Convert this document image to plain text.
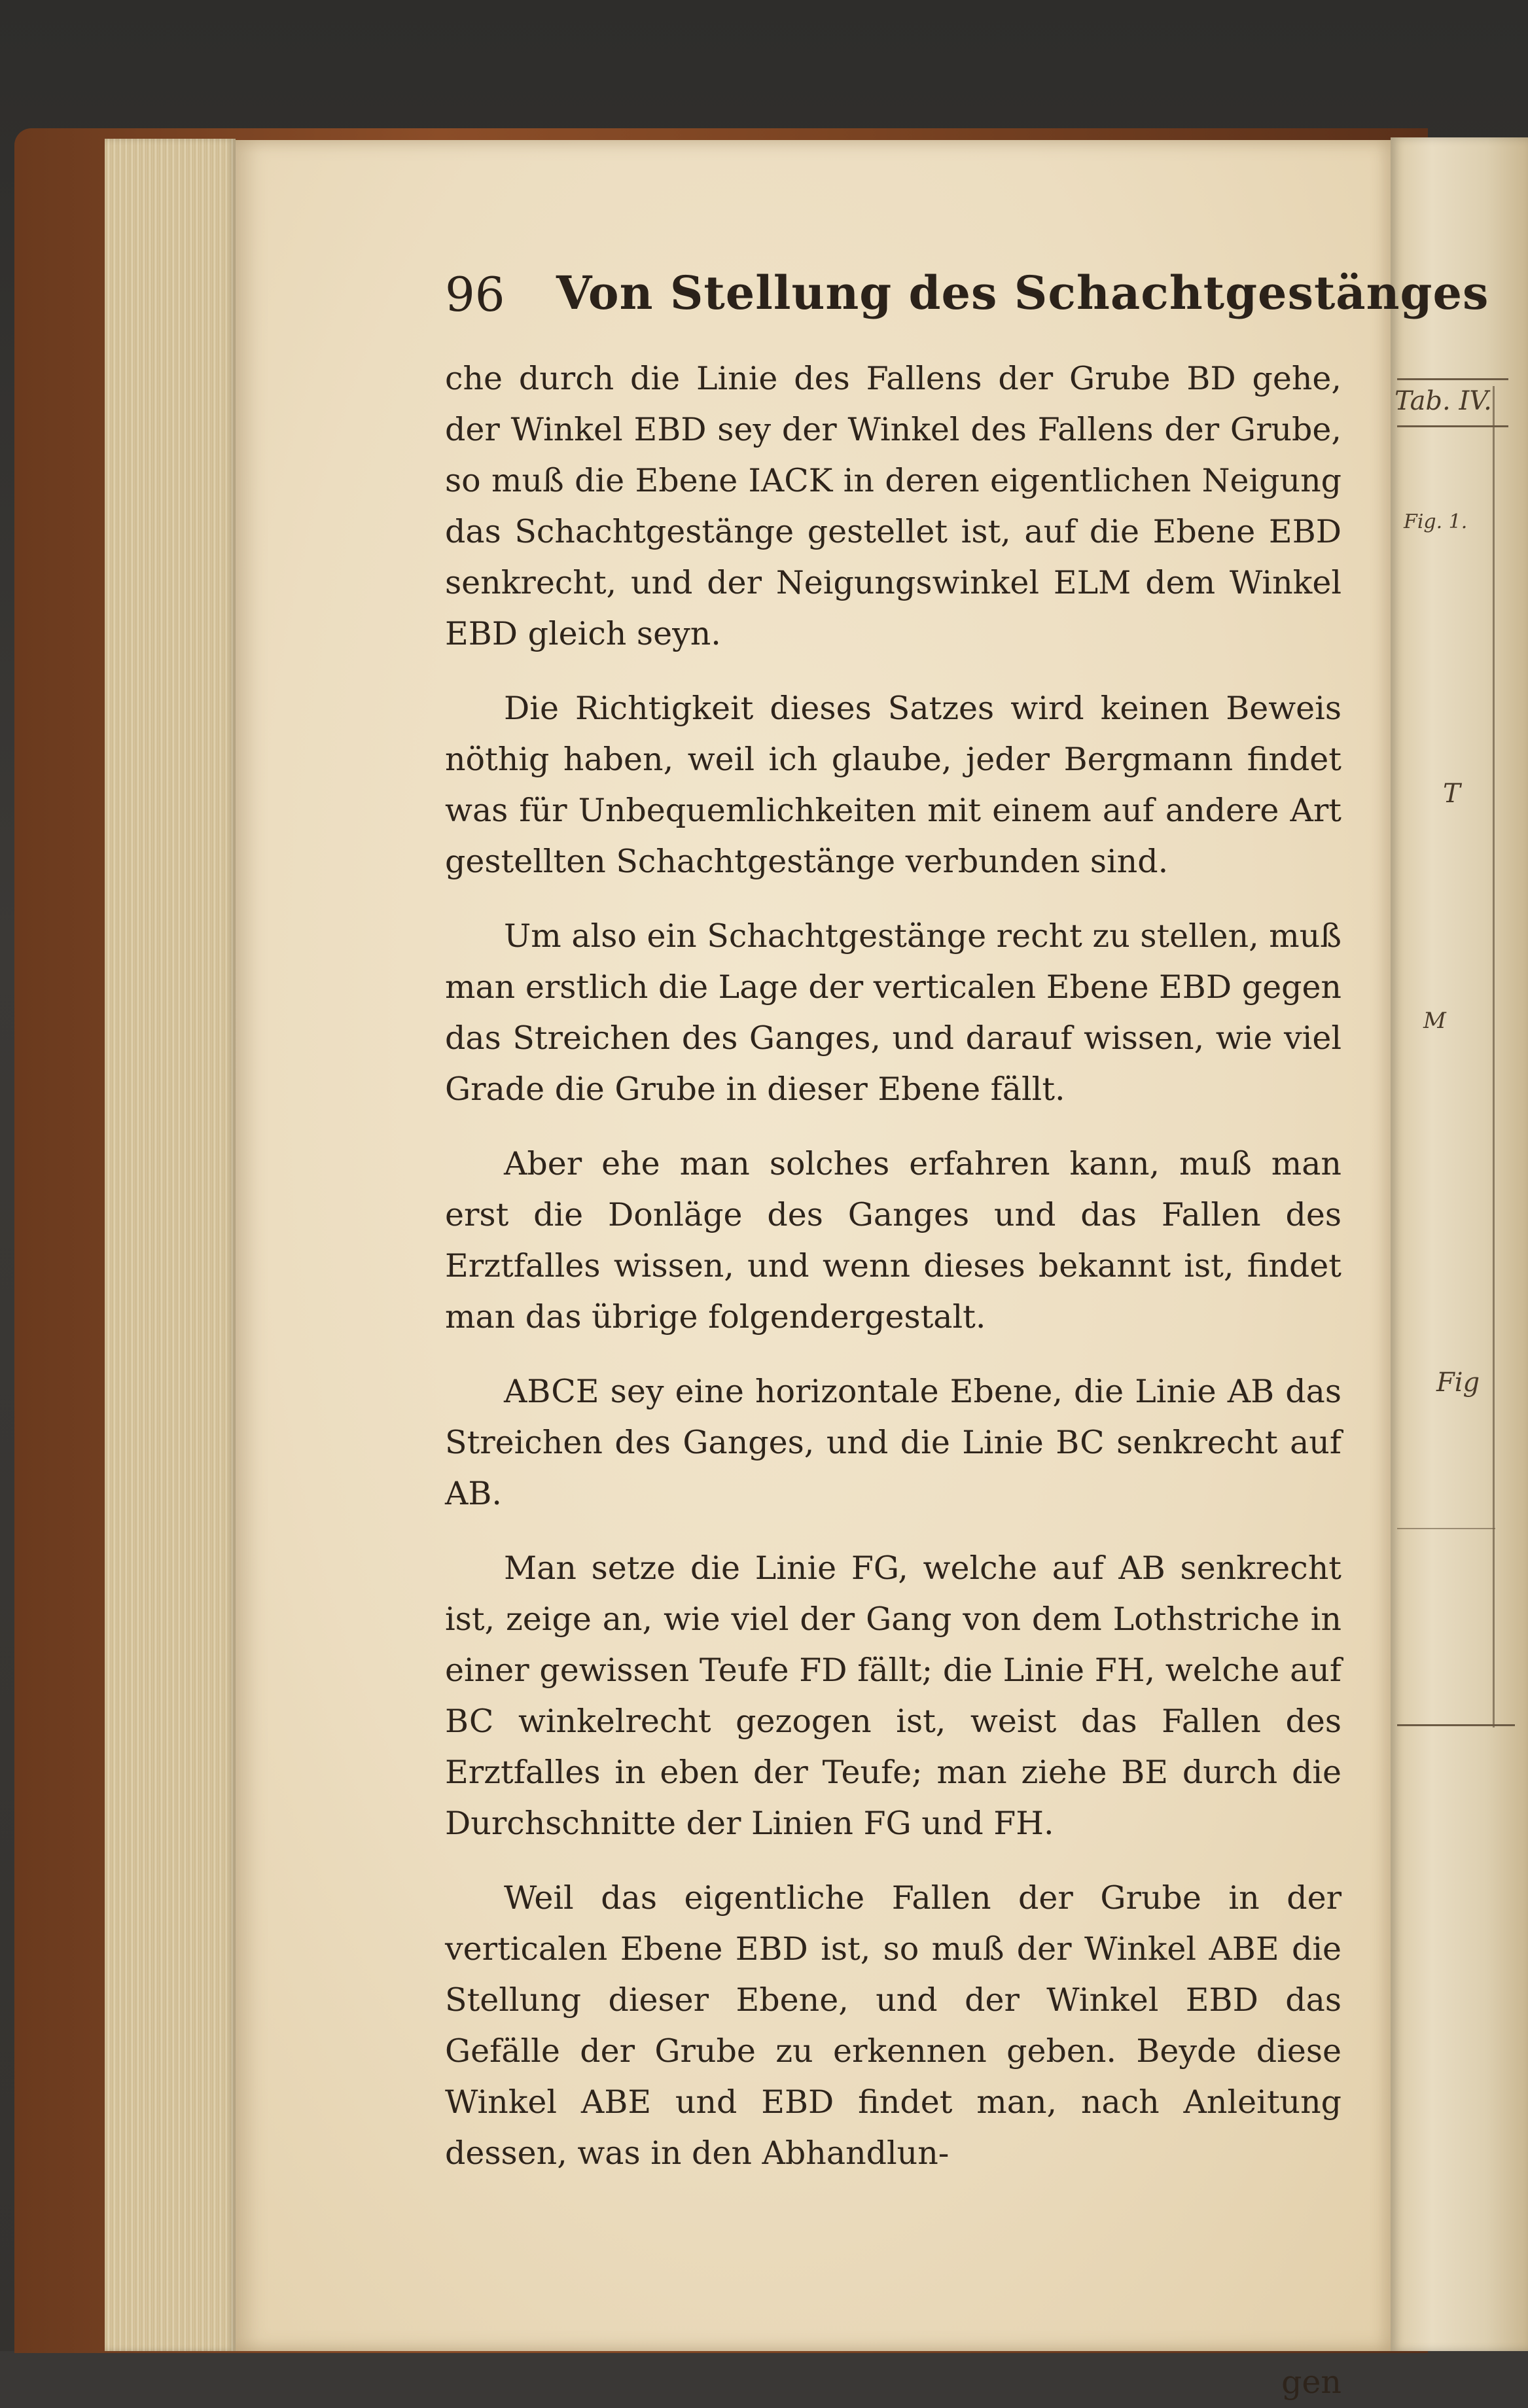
Tab. IV.
Fig. 1.
T
M
Fig
96 Von Stellung des Schachtgestänges

che durch die Linie des Fallens der Grube BD gehe, der Winkel EBD sey der Winkel des Fallens der Grube, so muß die Ebene IACK in deren eigentlichen Neigung das Schachtgestänge gestellet ist, auf die Ebene EBD senkrecht, und der Neigungswinkel ELM dem Winkel EBD gleich seyn.

Die Richtigkeit dieses Satzes wird keinen Beweis nöthig haben, weil ich glaube, jeder Bergmann findet was für Unbequemlichkeiten mit einem auf andere Art gestellten Schachtgestänge verbunden sind.

Um also ein Schachtgestänge recht zu stellen, muß man erstlich die Lage der verticalen Ebene EBD gegen das Streichen des Ganges, und darauf wissen, wie viel Grade die Grube in dieser Ebene fällt.

Aber ehe man solches erfahren kann, muß man erst die Donläge des Ganges und das Fallen des Erztfalles wissen, und wenn dieses bekannt ist, findet man das übrige folgendergestalt.

ABCE sey eine horizontale Ebene, die Linie AB das Streichen des Ganges, und die Linie BC senkrecht auf AB.

Man setze die Linie FG, welche auf AB senkrecht ist, zeige an, wie viel der Gang von dem Lothstriche in einer gewissen Teufe FD fällt; die Linie FH, welche auf BC winkelrecht gezogen ist, weist das Fallen des Erztfalles in eben der Teufe; man ziehe BE durch die Durchschnitte der Linien FG und FH.

Weil das eigentliche Fallen der Grube in der verticalen Ebene EBD ist, so muß der Winkel ABE die Stellung dieser Ebene, und der Winkel EBD das Gefälle der Grube zu erkennen geben. Beyde diese Winkel ABE und EBD findet man, nach Anleitung dessen, was in den Abhandlun-

gen
